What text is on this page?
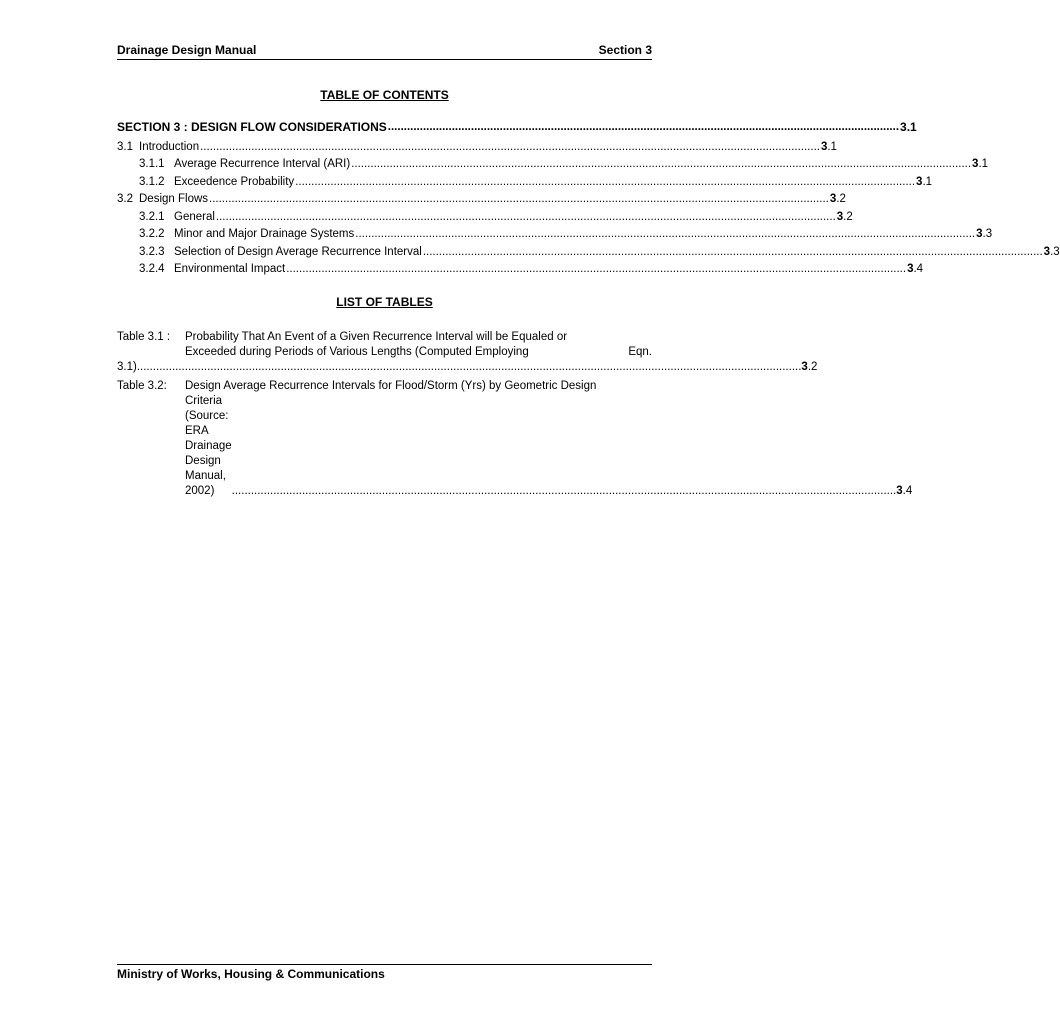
Drainage Design Manual	Section 3
TABLE OF CONTENTS
SECTION 3 : DESIGN FLOW CONSIDERATIONS ................................................................................................................................................................ 3.1
3.1 Introduction .................................................................................................................................................................................................. 3.1
3.1.1 Average Recurrence Interval (ARI) .................................................................................................................................................................................................. 3.1
3.1.2 Exceedence Probability .................................................................................................................................................................................................. 3.1
3.2 Design Flows .................................................................................................................................................................................................. 3.2
3.2.1 General .................................................................................................................................................................................................. 3.2
3.2.2 Minor and Major Drainage Systems .................................................................................................................................................................................................. 3.3
3.2.3 Selection of Design Average Recurrence Interval .................................................................................................................................................................................................. 3.3
3.2.4 Environmental Impact .................................................................................................................................................................................................. 3.4
LIST OF TABLES
Table 3.1 : Probability That An Event of a Given Recurrence Interval will be Equaled or
Exceeded during Periods of Various Lengths (Computed Employing	Eqn.
3.1) ................................................................................................................................................................................................................ 3.2
Table 3.2: Design Average Recurrence Intervals for Flood/Storm (Yrs) by Geometric Design
Criteria (Source: ERA Drainage Design Manual, 2002)	................................................................................................................................................................................................................ 3.4
Ministry of Works, Housing & Communications
